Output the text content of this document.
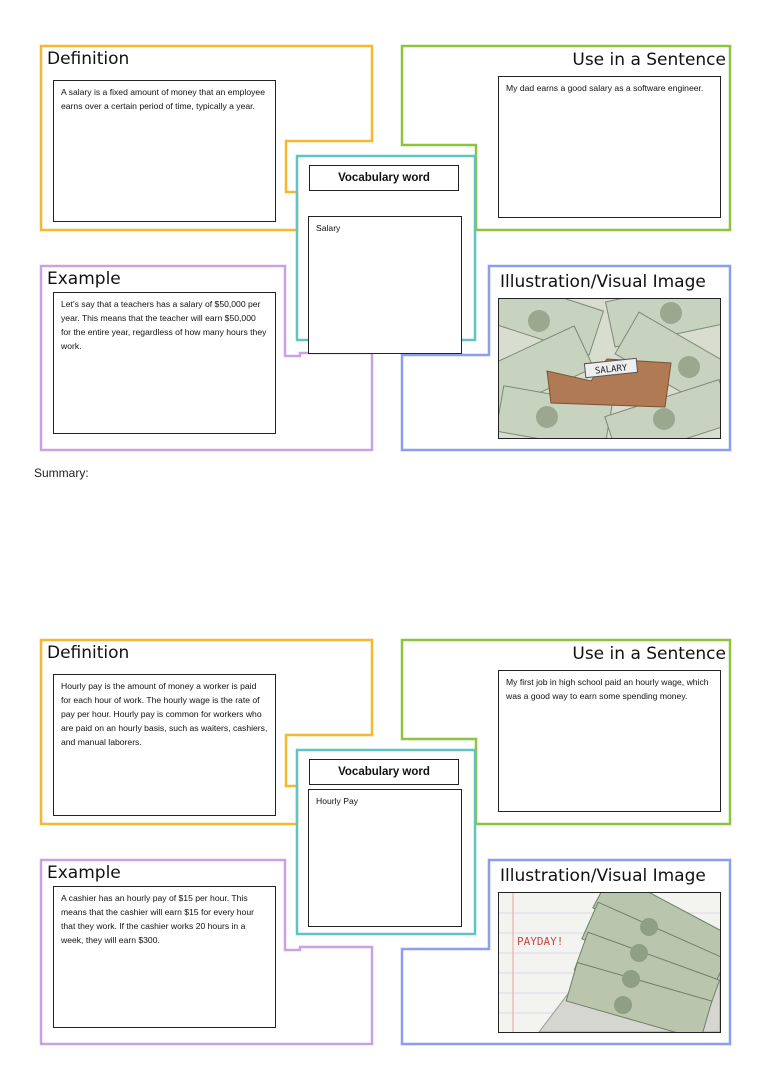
Definition
A salary is a fixed amount of money that an employee earns over a certain period of time, typically a year.
Use in a Sentence
My dad earns a good salary as a software engineer.
Vocabulary word
Salary
Example
Let's say that a teachers has a salary of $50,000 per year. This means that the teacher will earn $50,000 for the entire year, regardless of how many hours they work.
Illustration/Visual Image
SALARY
Summary:
Definition
Hourly pay is the amount of money a worker is paid for each hour of work. The hourly wage is the rate of pay per hour. Hourly pay is common for workers who are paid on an hourly basis, such as waiters, cashiers, and manual laborers.
Use in a Sentence
My first job in high school paid an hourly wage, which was a good way to earn some spending money.
Vocabulary word
Hourly Pay
Example
A cashier has an hourly pay of $15 per hour. This means that the cashier will earn $15 for every hour that they work. If the cashier works 20 hours in a week, they will earn $300.
Illustration/Visual Image
PAYDAY!
